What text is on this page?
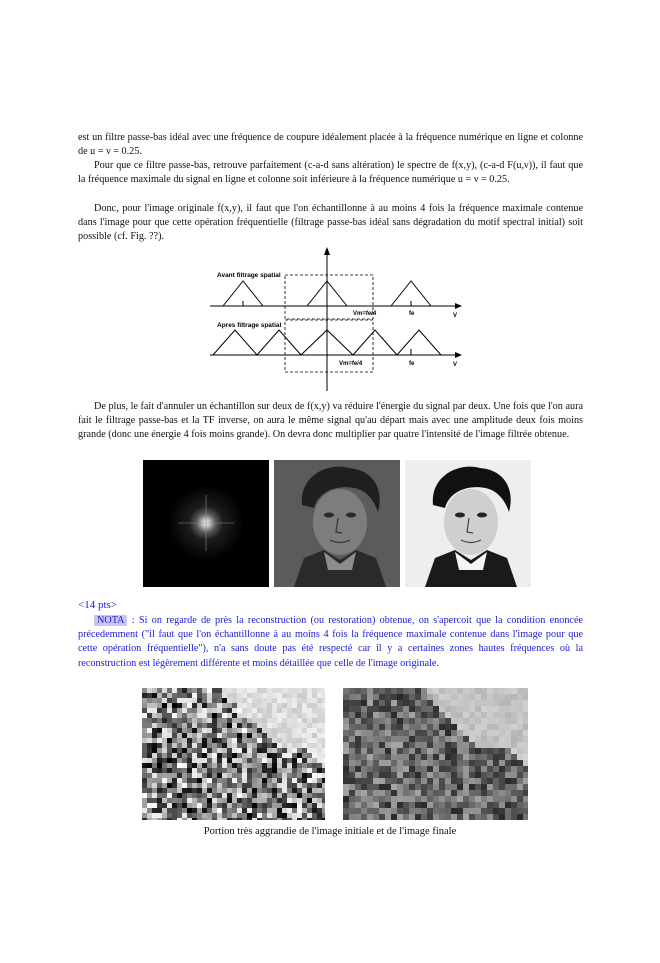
est un filtre passe-bas idéal avec une fréquence de coupure idéalement placée à la fréquence numérique en ligne et colonne de u = ν = 0.25.
Pour que ce filtre passe-bas, retrouve parfaitement (c-a-d sans altération) le spectre de f(x,y), (c-a-d F(u,ν)), il faut que la fréquence maximale du signal en ligne et colonne soit inférieure à la fréquence numérique u = ν = 0.25.
Donc, pour l'image originale f(x,y), il faut que l'on échantillonne à au moins 4 fois la fréquence maximale contenue dans l'image pour que cette opération fréquentielle (filtrage passe-bas idéal sans dégradation du motif spectral initial) soit possible (cf. Fig. ??).
Avant filtrage spatial
Vm=fe/4	fe	V
Apres filtrage spatial
Vm=fe/4	fe	V
De plus, le fait d'annuler un échantillon sur deux de f(x,y) va réduire l'énergie du signal par deux. Une fois que l'on aura fait le filtrage passe-bas et la TF inverse, on aura le même signal qu'au départ mais avec une amplitude deux fois moins grande (donc une énergie 4 fois moins grande). On devra donc multiplier par quatre l'intensité de l'image filtrée obtenue.
<14 pts>
NOTA : Si on regarde de près la reconstruction (ou restoration) obtenue, on s'apercoit que la condition enoncée précedemment ("il faut que l'on échantillonne à au moins 4 fois la fréquence maximale contenue dans l'image pour que cette opération fréquentielle"), n'a sans doute pas été respecté car il y a certaines zones hautes fréquences où la reconstruction est légèrement différente et moins détaillée que celle de l'image originale.
Portion très aggrandie de l'image initiale et de l'image finale
